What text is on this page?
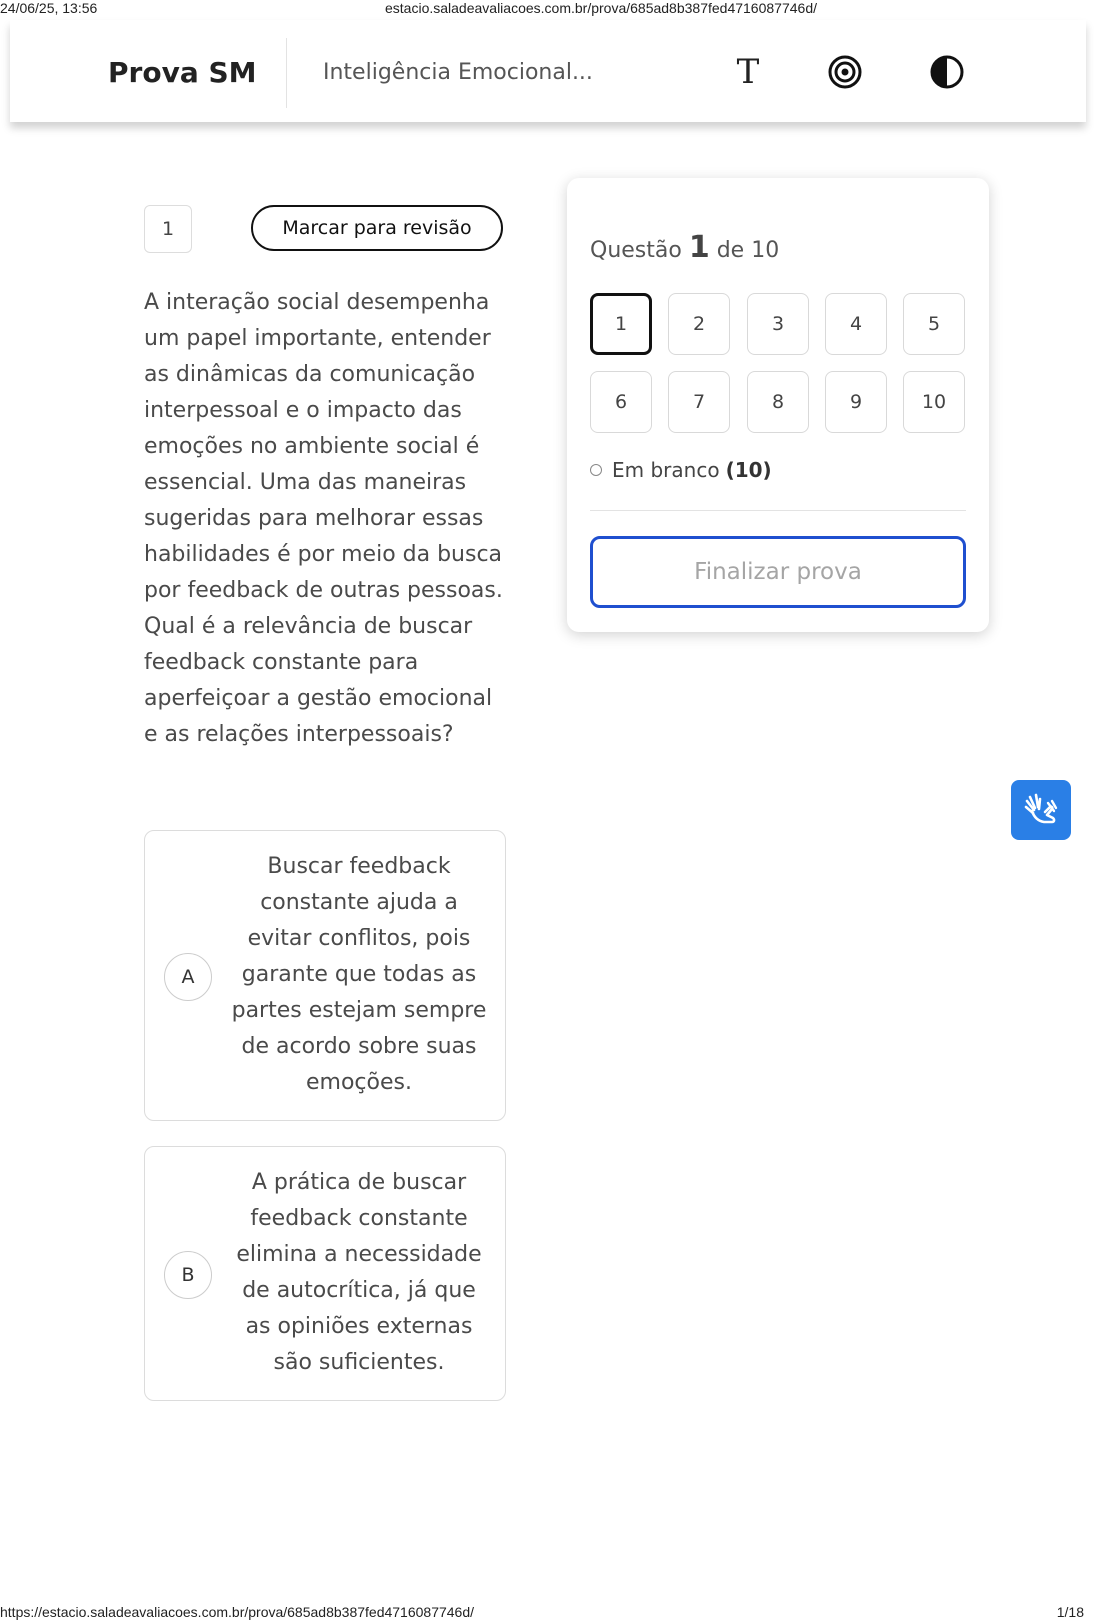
24/06/25, 13:56	estacio.saladeavaliacoes.com.br/prova/685ad8b387fed4716087746d/
Prova SM	Inteligência Emocional...	T
1	Marcar para revisão
A interação social desempenha um papel importante, entender as dinâmicas da comunicação interpessoal e o impacto das emoções no ambiente social é essencial. Uma das maneiras sugeridas para melhorar essas habilidades é por meio da busca por feedback de outras pessoas. Qual é a relevância de buscar feedback constante para aperfeiçoar a gestão emocional e as relações interpessoais?
A
Buscar feedback constante ajuda a evitar conflitos, pois garante que todas as partes estejam sempre de acordo sobre suas emoções.
B
A prática de buscar feedback constante elimina a necessidade de autocrítica, já que as opiniões externas são suficientes.
Questão 1 de 10
1	2	3	4	5
6	7	8	9	10
Em branco (10)
Finalizar prova
https://estacio.saladeavaliacoes.com.br/prova/685ad8b387fed4716087746d/	1/18
